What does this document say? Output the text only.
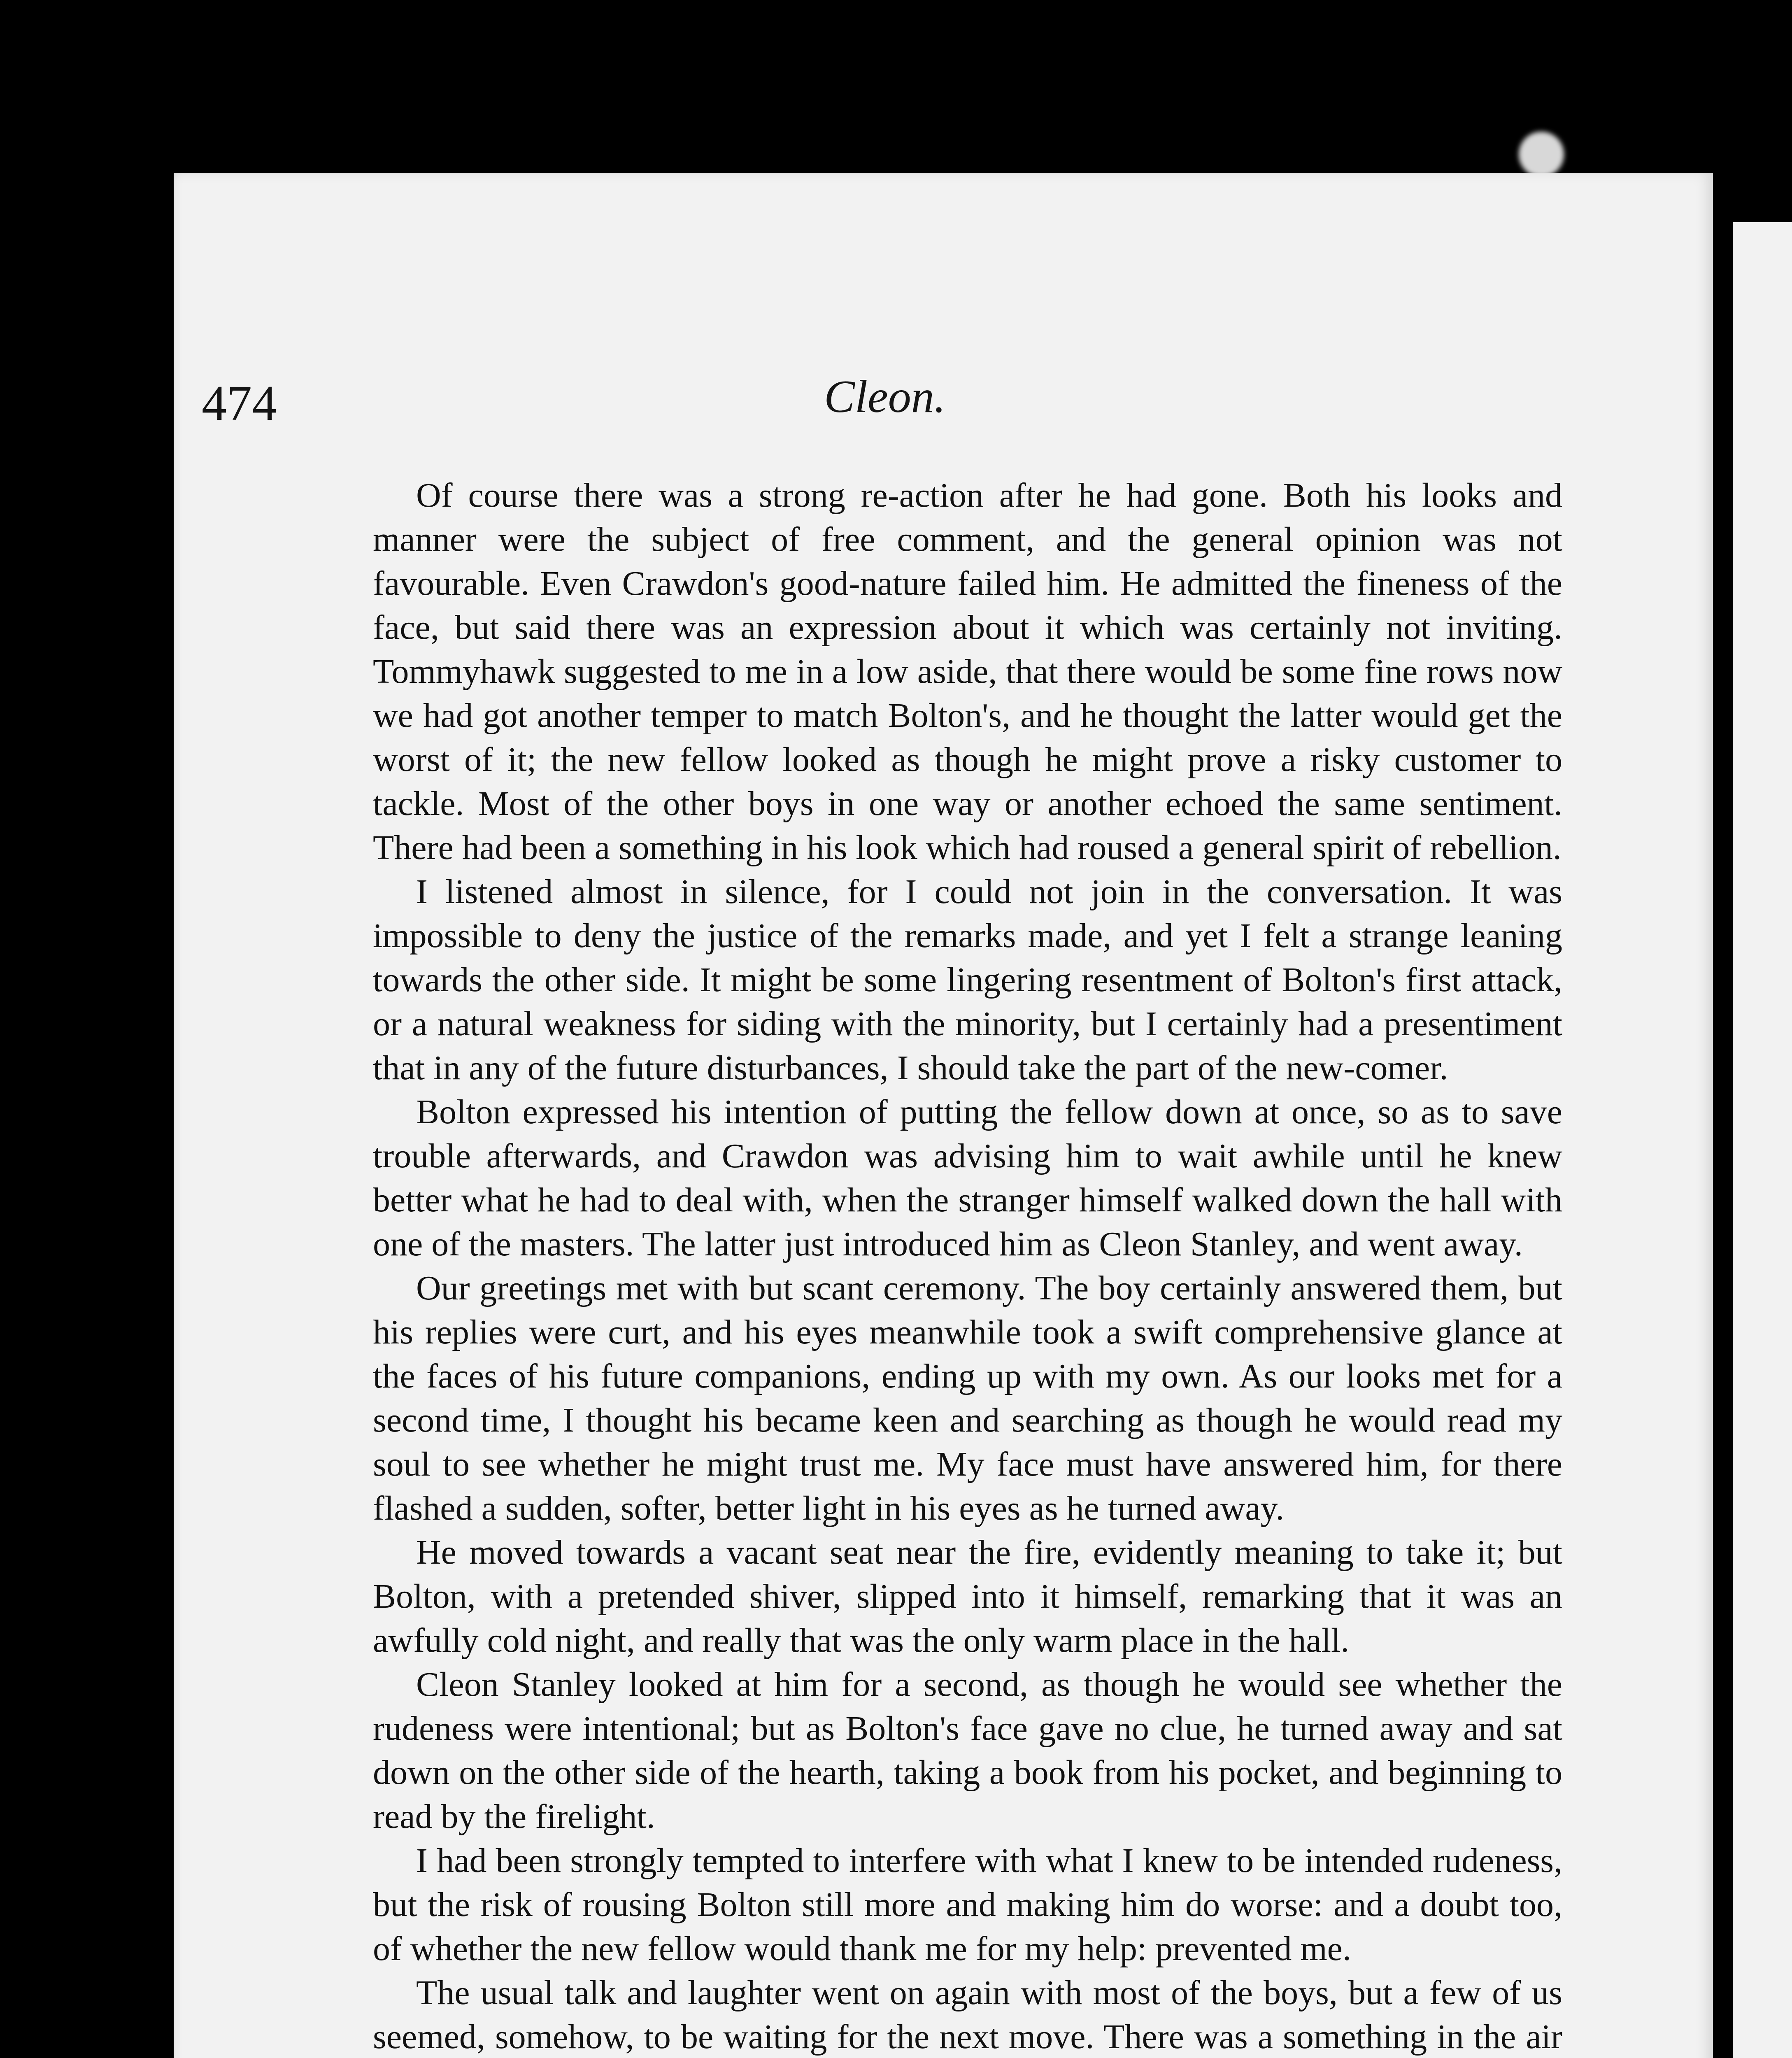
474	Cleon.

Of course there was a strong re-action after he had gone. Both his looks and manner were the subject of free comment, and the general opinion was not favourable. Even Crawdon's good-nature failed him. He admitted the fineness of the face, but said there was an expression about it which was certainly not inviting. Tommyhawk suggested to me in a low aside, that there would be some fine rows now we had got another temper to match Bolton's, and he thought the latter would get the worst of it; the new fellow looked as though he might prove a risky customer to tackle. Most of the other boys in one way or another echoed the same sentiment. There had been a something in his look which had roused a general spirit of rebellion.

I listened almost in silence, for I could not join in the conversation. It was impossible to deny the justice of the remarks made, and yet I felt a strange leaning towards the other side. It might be some lingering resentment of Bolton's first attack, or a natural weakness for siding with the minority, but I certainly had a presentiment that in any of the future disturbances, I should take the part of the new-comer.

Bolton expressed his intention of putting the fellow down at once, so as to save trouble afterwards, and Crawdon was advising him to wait awhile until he knew better what he had to deal with, when the stranger himself walked down the hall with one of the masters. The latter just introduced him as Cleon Stanley, and went away.

Our greetings met with but scant ceremony. The boy certainly answered them, but his replies were curt, and his eyes meanwhile took a swift comprehensive glance at the faces of his future companions, ending up with my own. As our looks met for a second time, I thought his became keen and searching as though he would read my soul to see whether he might trust me. My face must have answered him, for there flashed a sudden, softer, better light in his eyes as he turned away.

He moved towards a vacant seat near the fire, evidently meaning to take it; but Bolton, with a pretended shiver, slipped into it himself, remarking that it was an awfully cold night, and really that was the only warm place in the hall.

Cleon Stanley looked at him for a second, as though he would see whether the rudeness were intentional; but as Bolton's face gave no clue, he turned away and sat down on the other side of the hearth, taking a book from his pocket, and beginning to read by the firelight.

I had been strongly tempted to interfere with what I knew to be intended rudeness, but the risk of rousing Bolton still more and making him do worse: and a doubt too, of whether the new fellow would thank me for my help: prevented me.

The usual talk and laughter went on again with most of the boys, but a few of us seemed, somehow, to be waiting for the next move. There was a something in the air
